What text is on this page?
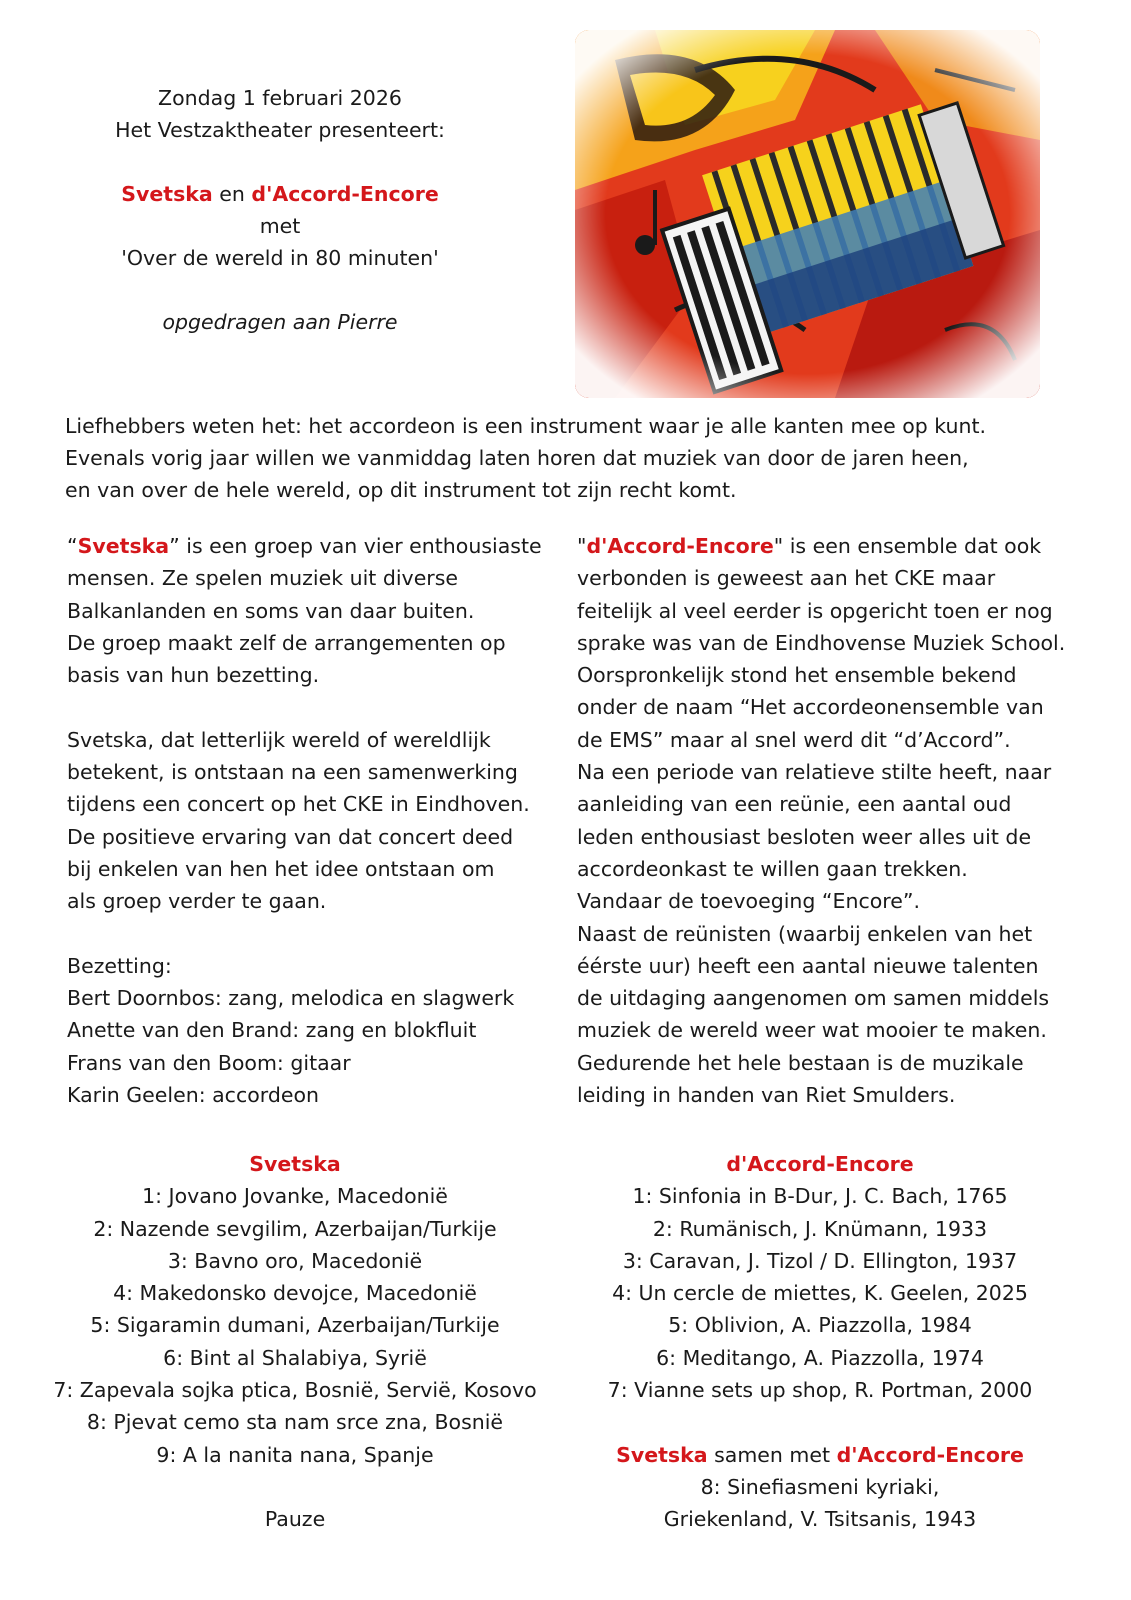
Zondag 1 februari 2026
Het Vestzaktheater presenteert:
Svetska en d'Accord-Encore
met
'Over de wereld in 80 minuten'
opgedragen aan Pierre
Liefhebbers weten het: het accordeon is een instrument waar je alle kanten mee op kunt.
Evenals vorig jaar willen we vanmiddag laten horen dat muziek van door de jaren heen,
en van over de hele wereld, op dit instrument tot zijn recht komt.

“Svetska” is een groep van vier enthousiaste

mensen. Ze spelen muziek uit diverse

Balkanlanden en soms van daar buiten.

De groep maakt zelf de arrangementen op

basis van hun bezetting.

Svetska, dat letterlijk wereld of wereldlijk

betekent, is ontstaan na een samenwerking

tijdens een concert op het CKE in Eindhoven.

De positieve ervaring van dat concert deed

bij enkelen van hen het idee ontstaan om

als groep verder te gaan.

Bezetting:

Bert Doornbos: zang, melodica en slagwerk

Anette van den Brand: zang en blokfluit

Frans van den Boom: gitaar

Karin Geelen: accordeon

"d'Accord-Encore" is een ensemble dat ook

verbonden is geweest aan het CKE maar

feitelijk al veel eerder is opgericht toen er nog

sprake was van de Eindhovense Muziek School.

Oorspronkelijk stond het ensemble bekend

onder de naam “Het accordeonensemble van

de EMS” maar al snel werd dit “d’Accord”.

Na een periode van relatieve stilte heeft, naar

aanleiding van een reünie, een aantal oud

leden enthousiast besloten weer alles uit de

accordeonkast te willen gaan trekken.

Vandaar de toevoeging “Encore”.

Naast de reünisten (waarbij enkelen van het

éérste uur) heeft een aantal nieuwe talenten

de uitdaging aangenomen om samen middels

muziek de wereld weer wat mooier te maken.

Gedurende het hele bestaan is de muzikale

leiding in handen van Riet Smulders.

Svetska
1: Jovano Jovanke, Macedonië
2: Nazende sevgilim, Azerbaijan/Turkije
3: Bavno oro, Macedonië
4: Makedonsko devojce, Macedonië
5: Sigaramin dumani, Azerbaijan/Turkije
6: Bint al Shalabiya, Syrië
7: Zapevala sojka ptica, Bosnië, Servië, Kosovo
8: Pjevat cemo sta nam srce zna, Bosnië
9: A la nanita nana, Spanje
Pauze
d'Accord-Encore
1: Sinfonia in B-Dur, J. C. Bach, 1765
2: Rumänisch, J. Knümann, 1933
3: Caravan, J. Tizol / D. Ellington, 1937
4: Un cercle de miettes, K. Geelen, 2025
5: Oblivion, A. Piazzolla, 1984
6: Meditango, A. Piazzolla, 1974
7: Vianne sets up shop, R. Portman, 2000
Svetska samen met d'Accord-Encore
8: Sinefiasmeni kyriaki,
Griekenland, V. Tsitsanis, 1943
